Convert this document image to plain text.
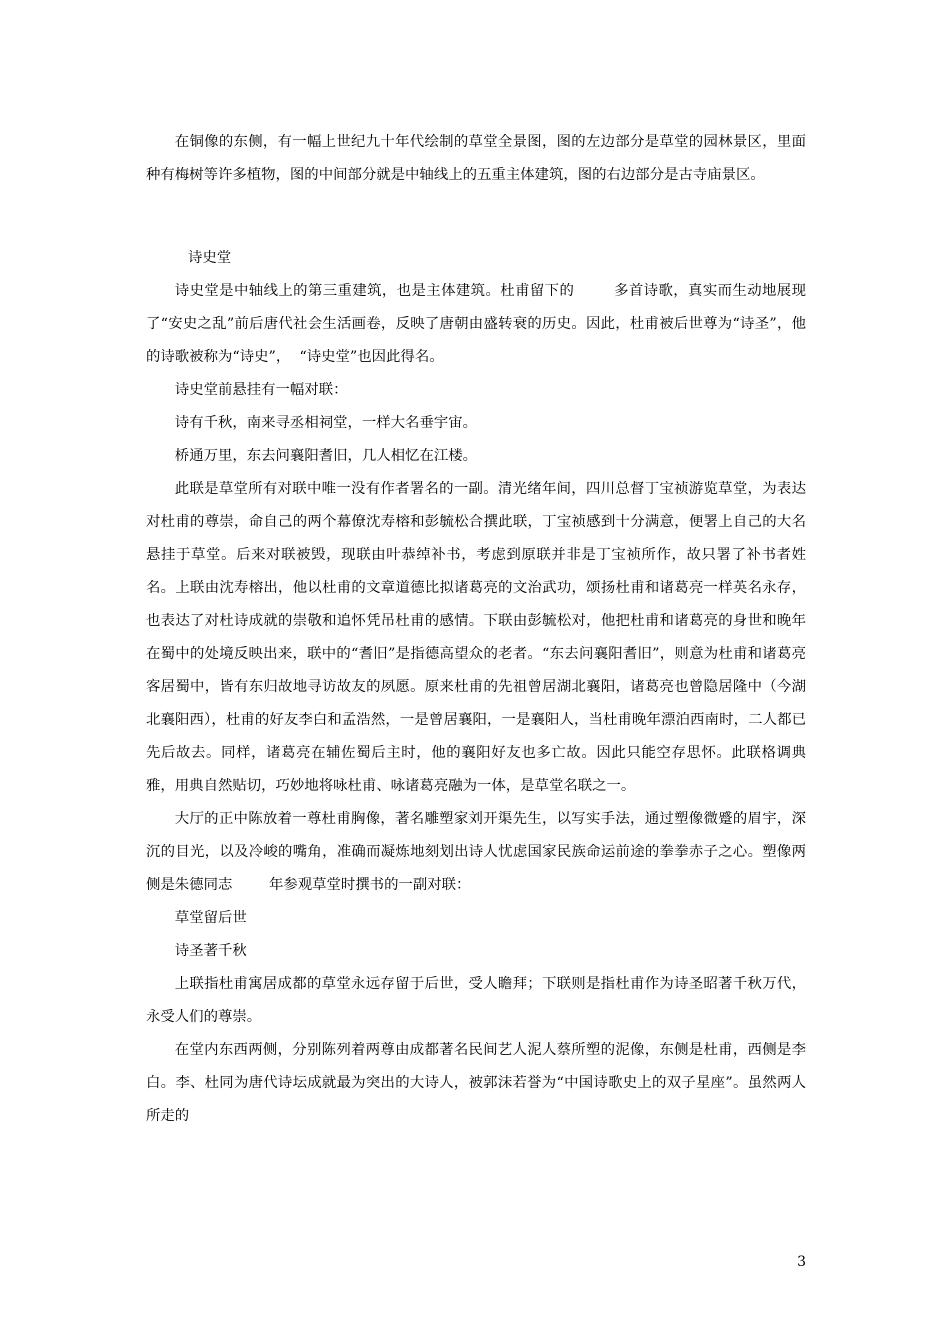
在铜像的东侧，有一幅上世纪九十年代绘制的草堂全景图，图的左边部分是草堂的园林景区，里面种有梅树等许多植物，图的中间部分就是中轴线上的五重主体建筑，图的右边部分是古寺庙景区。

诗史堂

诗史堂是中轴线上的第三重建筑，也是主体建筑。杜甫留下的        多首诗歌，真实而生动地展现了“安史之乱”前后唐代社会生活画卷，反映了唐朝由盛转衰的历史。因此，杜甫被后世尊为“诗圣”，他的诗歌被称为“诗史”，  “诗史堂”也因此得名。

诗史堂前悬挂有一幅对联：

诗有千秋，南来寻丞相祠堂，一样大名垂宇宙。

桥通万里，东去问襄阳耆旧，几人相忆在江楼。

此联是草堂所有对联中唯一没有作者署名的一副。清光绪年间，四川总督丁宝祯游览草堂，为表达对杜甫的尊崇，命自己的两个幕僚沈寿榕和彭毓松合撰此联，丁宝祯感到十分满意，便署上自己的大名悬挂于草堂。后来对联被毁，现联由叶恭绰补书，考虑到原联并非是丁宝祯所作，故只署了补书者姓名。上联由沈寿榕出，他以杜甫的文章道德比拟诸葛亮的文治武功，颂扬杜甫和诸葛亮一样英名永存，也表达了对杜诗成就的崇敬和追怀凭吊杜甫的感情。下联由彭毓松对，他把杜甫和诸葛亮的身世和晚年在蜀中的处境反映出来，联中的“耆旧”是指德高望众的老者。“东去问襄阳耆旧”，则意为杜甫和诸葛亮客居蜀中，皆有东归故地寻访故友的夙愿。原来杜甫的先祖曾居湖北襄阳，诸葛亮也曾隐居隆中（今湖北襄阳西），杜甫的好友李白和孟浩然，一是曾居襄阳，一是襄阳人，当杜甫晚年漂泊西南时，二人都已先后故去。同样，诸葛亮在辅佐蜀后主时，他的襄阳好友也多亡故。因此只能空存思怀。此联格调典雅，用典自然贴切，巧妙地将咏杜甫、咏诸葛亮融为一体，是草堂名联之一。

大厅的正中陈放着一尊杜甫胸像，著名雕塑家刘开渠先生，以写实手法，通过塑像微蹙的眉宇，深沉的目光，以及冷峻的嘴角，准确而凝炼地刻划出诗人忧虑国家民族命运前途的拳拳赤子之心。塑像两侧是朱德同志        年参观草堂时撰书的一副对联：

草堂留后世

诗圣著千秋

上联指杜甫寓居成都的草堂永远存留于后世，受人瞻拜；下联则是指杜甫作为诗圣昭著千秋万代，永受人们的尊崇。

在堂内东西两侧，分别陈列着两尊由成都著名民间艺人泥人蔡所塑的泥像，东侧是杜甫，西侧是李白。李、杜同为唐代诗坛成就最为突出的大诗人，被郭沫若誉为“中国诗歌史上的双子星座”。虽然两人所走的

3
